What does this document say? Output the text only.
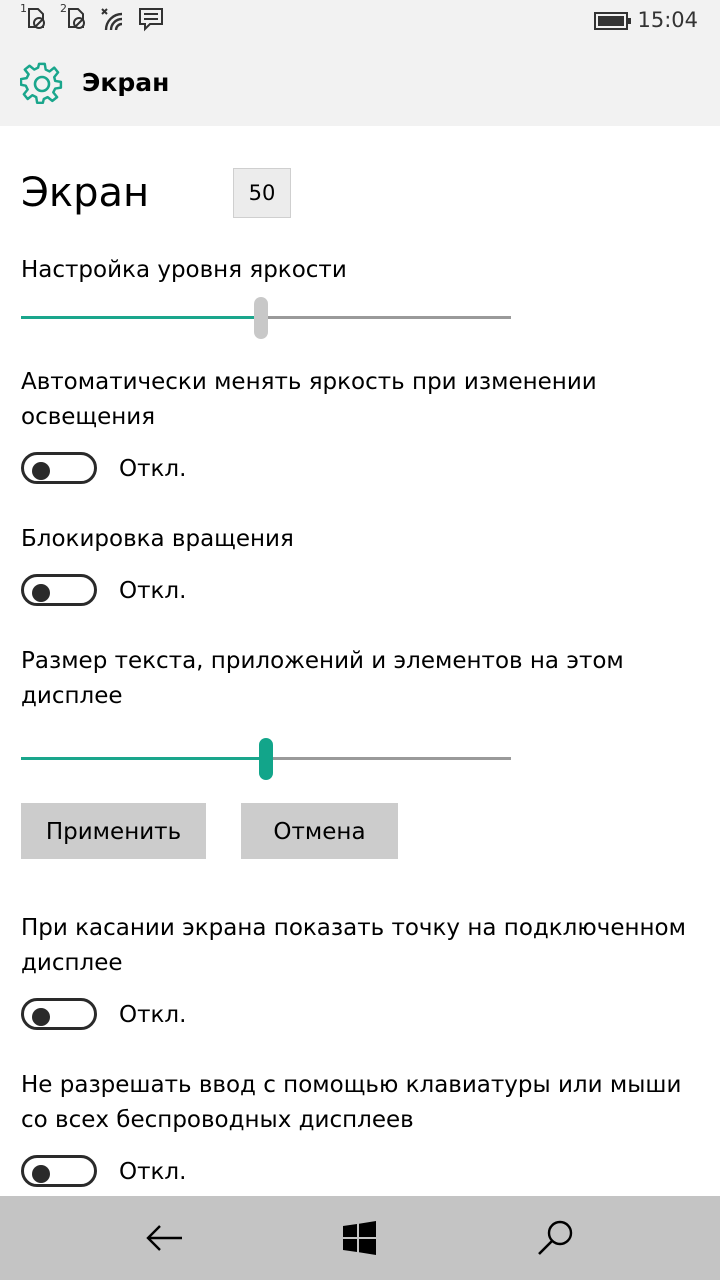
1	2	15:04
Экран
Экран	50
Настройка уровня яркости
Автоматически менять яркость при изменении освещения
Откл.
Блокировка вращения
Откл.
Размер текста, приложений и элементов на этом дисплее
Применить	Отмена
При касании экрана показать точку на подключенном дисплее
Откл.
Не разрешать ввод с помощью клавиатуры или мыши со всех беспроводных дисплеев
Откл.
